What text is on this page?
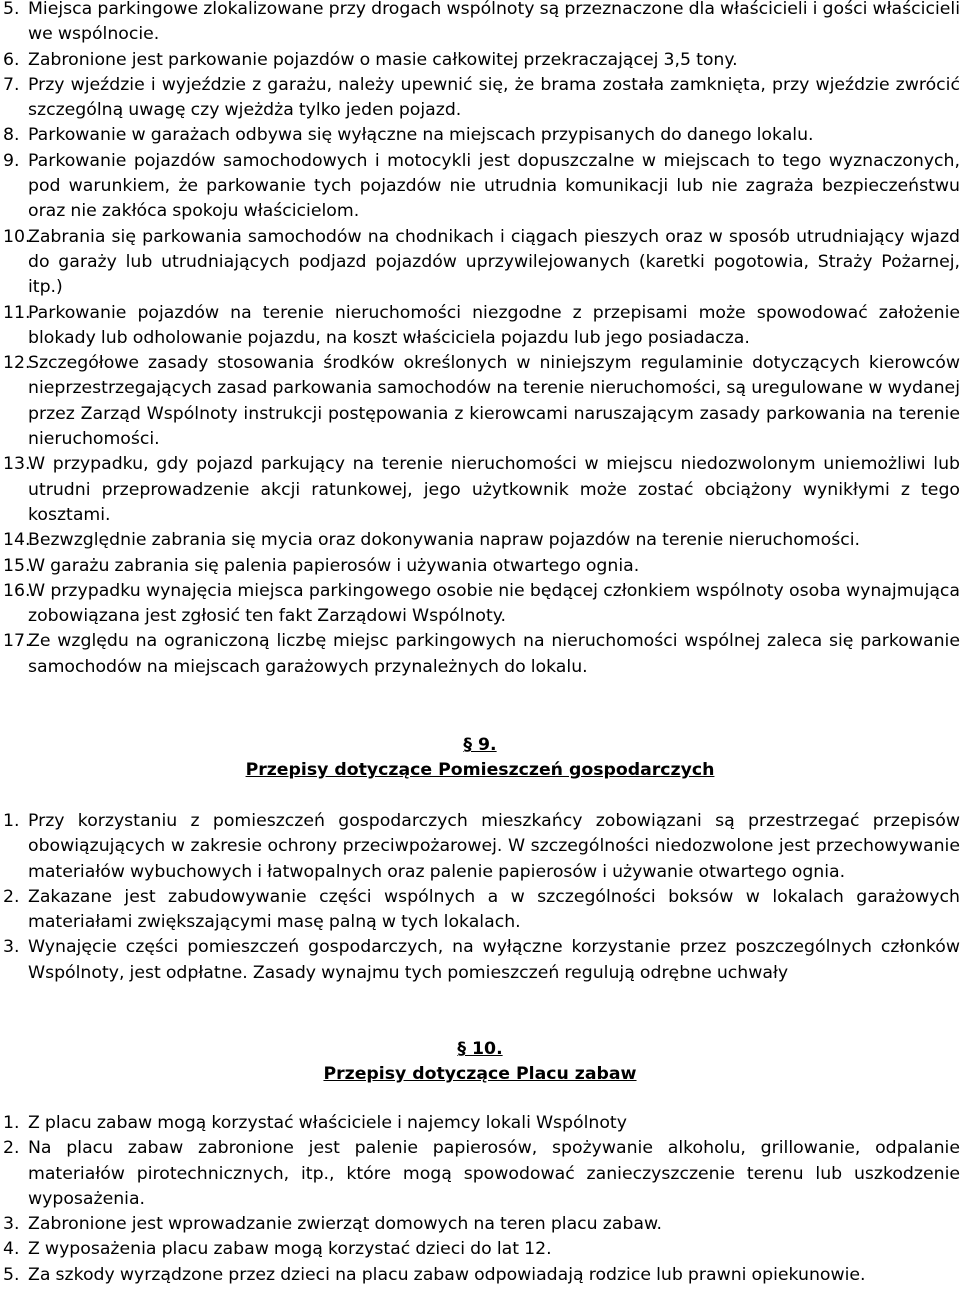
5. Miejsca parkingowe zlokalizowane przy drogach wspólnoty są przeznaczone dla właścicieli i gości właścicieli we wspólnocie.

6. Zabronione jest parkowanie pojazdów o masie całkowitej przekraczającej 3,5 tony.

7. Przy wjeździe i wyjeździe z garażu, należy upewnić się, że brama została zamknięta, przy wjeździe zwrócić szczególną uwagę czy wjeżdża tylko jeden pojazd.

8. Parkowanie w garażach odbywa się wyłączne na miejscach przypisanych do danego lokalu.

9. Parkowanie pojazdów samochodowych i motocykli jest dopuszczalne w miejscach to tego wyznaczonych, pod warunkiem, że parkowanie tych pojazdów nie utrudnia komunikacji lub nie zagraża bezpieczeństwu oraz nie zakłóca spokoju właścicielom.

10.
Zabrania się parkowania samochodów na chodnikach i ciągach pieszych oraz w sposób utrudniający wjazd do garaży lub utrudniających podjazd pojazdów uprzywilejowanych (karetki pogotowia, Straży Pożarnej, itp.)

11.
Parkowanie pojazdów na terenie nieruchomości niezgodne z przepisami może spowodować założenie blokady lub odholowanie pojazdu, na koszt właściciela pojazdu lub jego posiadacza.

12.
Szczegółowe zasady stosowania środków określonych w niniejszym regulaminie dotyczących kierowców nieprzestrzegających zasad parkowania samochodów na terenie nieruchomości, są uregulowane w wydanej przez Zarząd Wspólnoty instrukcji postępowania z kierowcami naruszającym zasady parkowania na terenie nieruchomości.

13.
W przypadku, gdy pojazd parkujący na terenie nieruchomości w miejscu niedozwolonym uniemożliwi lub utrudni przeprowadzenie akcji ratunkowej, jego użytkownik może zostać obciążony wynikłymi z tego kosztami.

14.
Bezwzględnie zabrania się mycia oraz dokonywania napraw pojazdów na terenie nieruchomości.

15.
W garażu zabrania się palenia papierosów i używania otwartego ognia.

16.
W przypadku wynajęcia miejsca parkingowego osobie nie będącej członkiem wspólnoty osoba wynajmująca zobowiązana jest zgłosić ten fakt Zarządowi Wspólnoty.

17.
Ze względu na ograniczoną liczbę miejsc parkingowych na nieruchomości wspólnej zaleca się parkowanie samochodów na miejscach garażowych przynależnych do lokalu.

§ 9.

Przepisy dotyczące Pomieszczeń gospodarczych

1. Przy korzystaniu z pomieszczeń gospodarczych mieszkańcy zobowiązani są przestrzegać przepisów obowiązujących w zakresie ochrony przeciwpożarowej. W szczególności niedozwolone jest przechowywanie materiałów wybuchowych i łatwopalnych oraz palenie papierosów i używanie otwartego ognia.

2. Zakazane jest zabudowywanie części wspólnych a w szczególności boksów w lokalach garażowych materiałami zwiększającymi masę palną w tych lokalach.

3. Wynajęcie części pomieszczeń gospodarczych, na wyłączne korzystanie przez poszczególnych członków Wspólnoty, jest odpłatne. Zasady wynajmu tych pomieszczeń regulują odrębne uchwały

§ 10.

Przepisy dotyczące Placu zabaw

1. Z placu zabaw mogą korzystać właściciele i najemcy lokali Wspólnoty

2. Na placu zabaw zabronione jest palenie papierosów, spożywanie alkoholu, grillowanie, odpalanie materiałów pirotechnicznych, itp., które mogą spowodować zanieczyszczenie terenu lub uszkodzenie wyposażenia.

3. Zabronione jest wprowadzanie zwierząt domowych na teren placu zabaw.

4. Z wyposażenia placu zabaw mogą korzystać dzieci do lat 12.

5. Za szkody wyrządzone przez dzieci na placu zabaw odpowiadają rodzice lub prawni opiekunowie.
